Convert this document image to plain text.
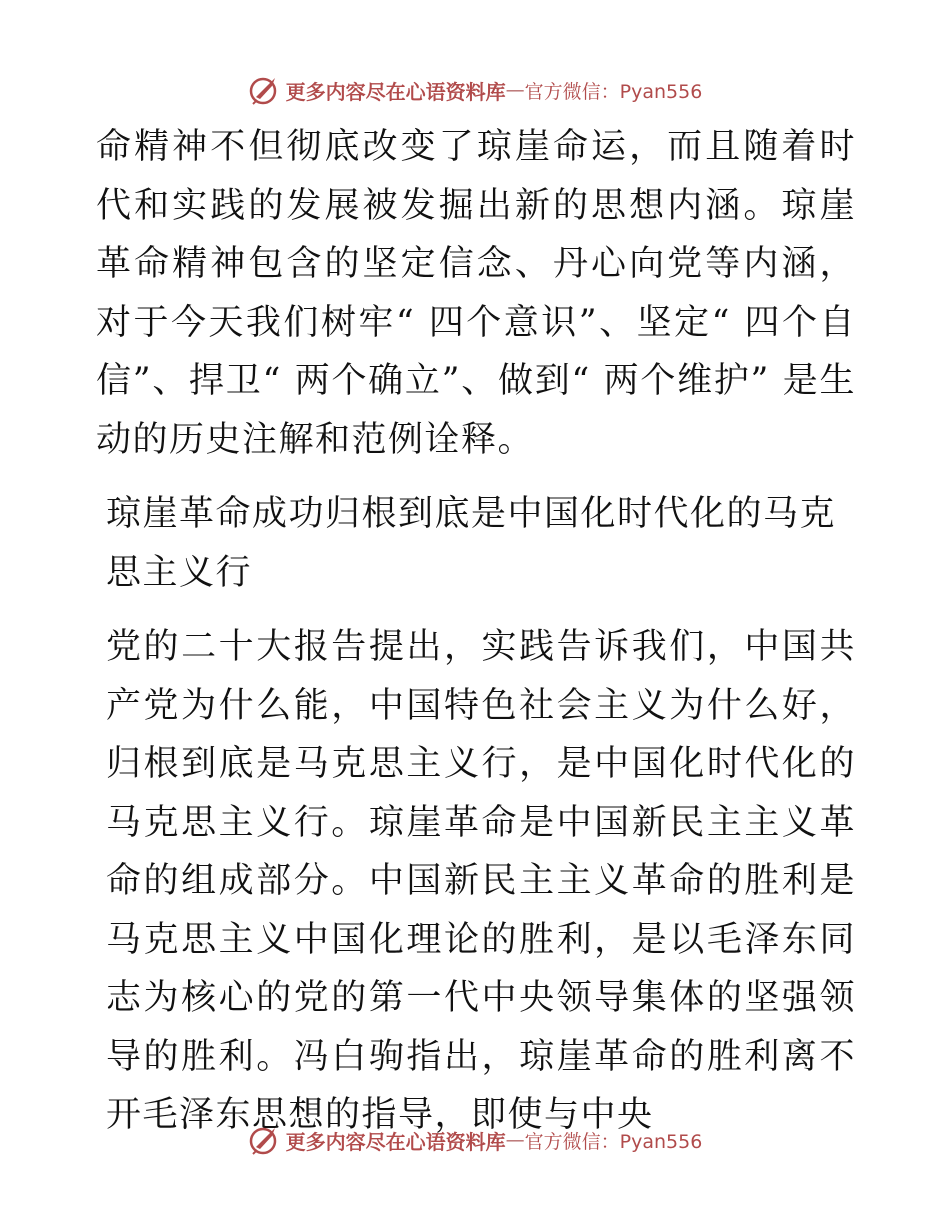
更多内容尽在心语资料库 — 官方微信：Pyan556

命精神不但彻底改变了琼崖命运，而且随着时代和实践的发展被发掘出新的思想内涵。琼崖革命精神包含的坚定信念、丹心向党等内涵，对于今天我们树牢“ 四个意识”、坚定“ 四个自信”、捍卫“ 两个确立”、做到“ 两个维护” 是生动的历史注解和范例诠释。

琼崖革命成功归根到底是中国化时代化的马克思主义行

党的二十大报告提出，实践告诉我们，中国共产党为什么能，中国特色社会主义为什么好，归根到底是马克思主义行，是中国化时代化的马克思主义行。琼崖革命是中国新民主主义革命的组成部分。中国新民主主义革命的胜利是马克思主义中国化理论的胜利，是以毛泽东同志为核心的党的第一代中央领导集体的坚强领导的胜利。冯白驹指出，琼崖革命的胜利离不开毛泽东思想的指导，即使与中央

更多内容尽在心语资料库 — 官方微信：Pyan556
